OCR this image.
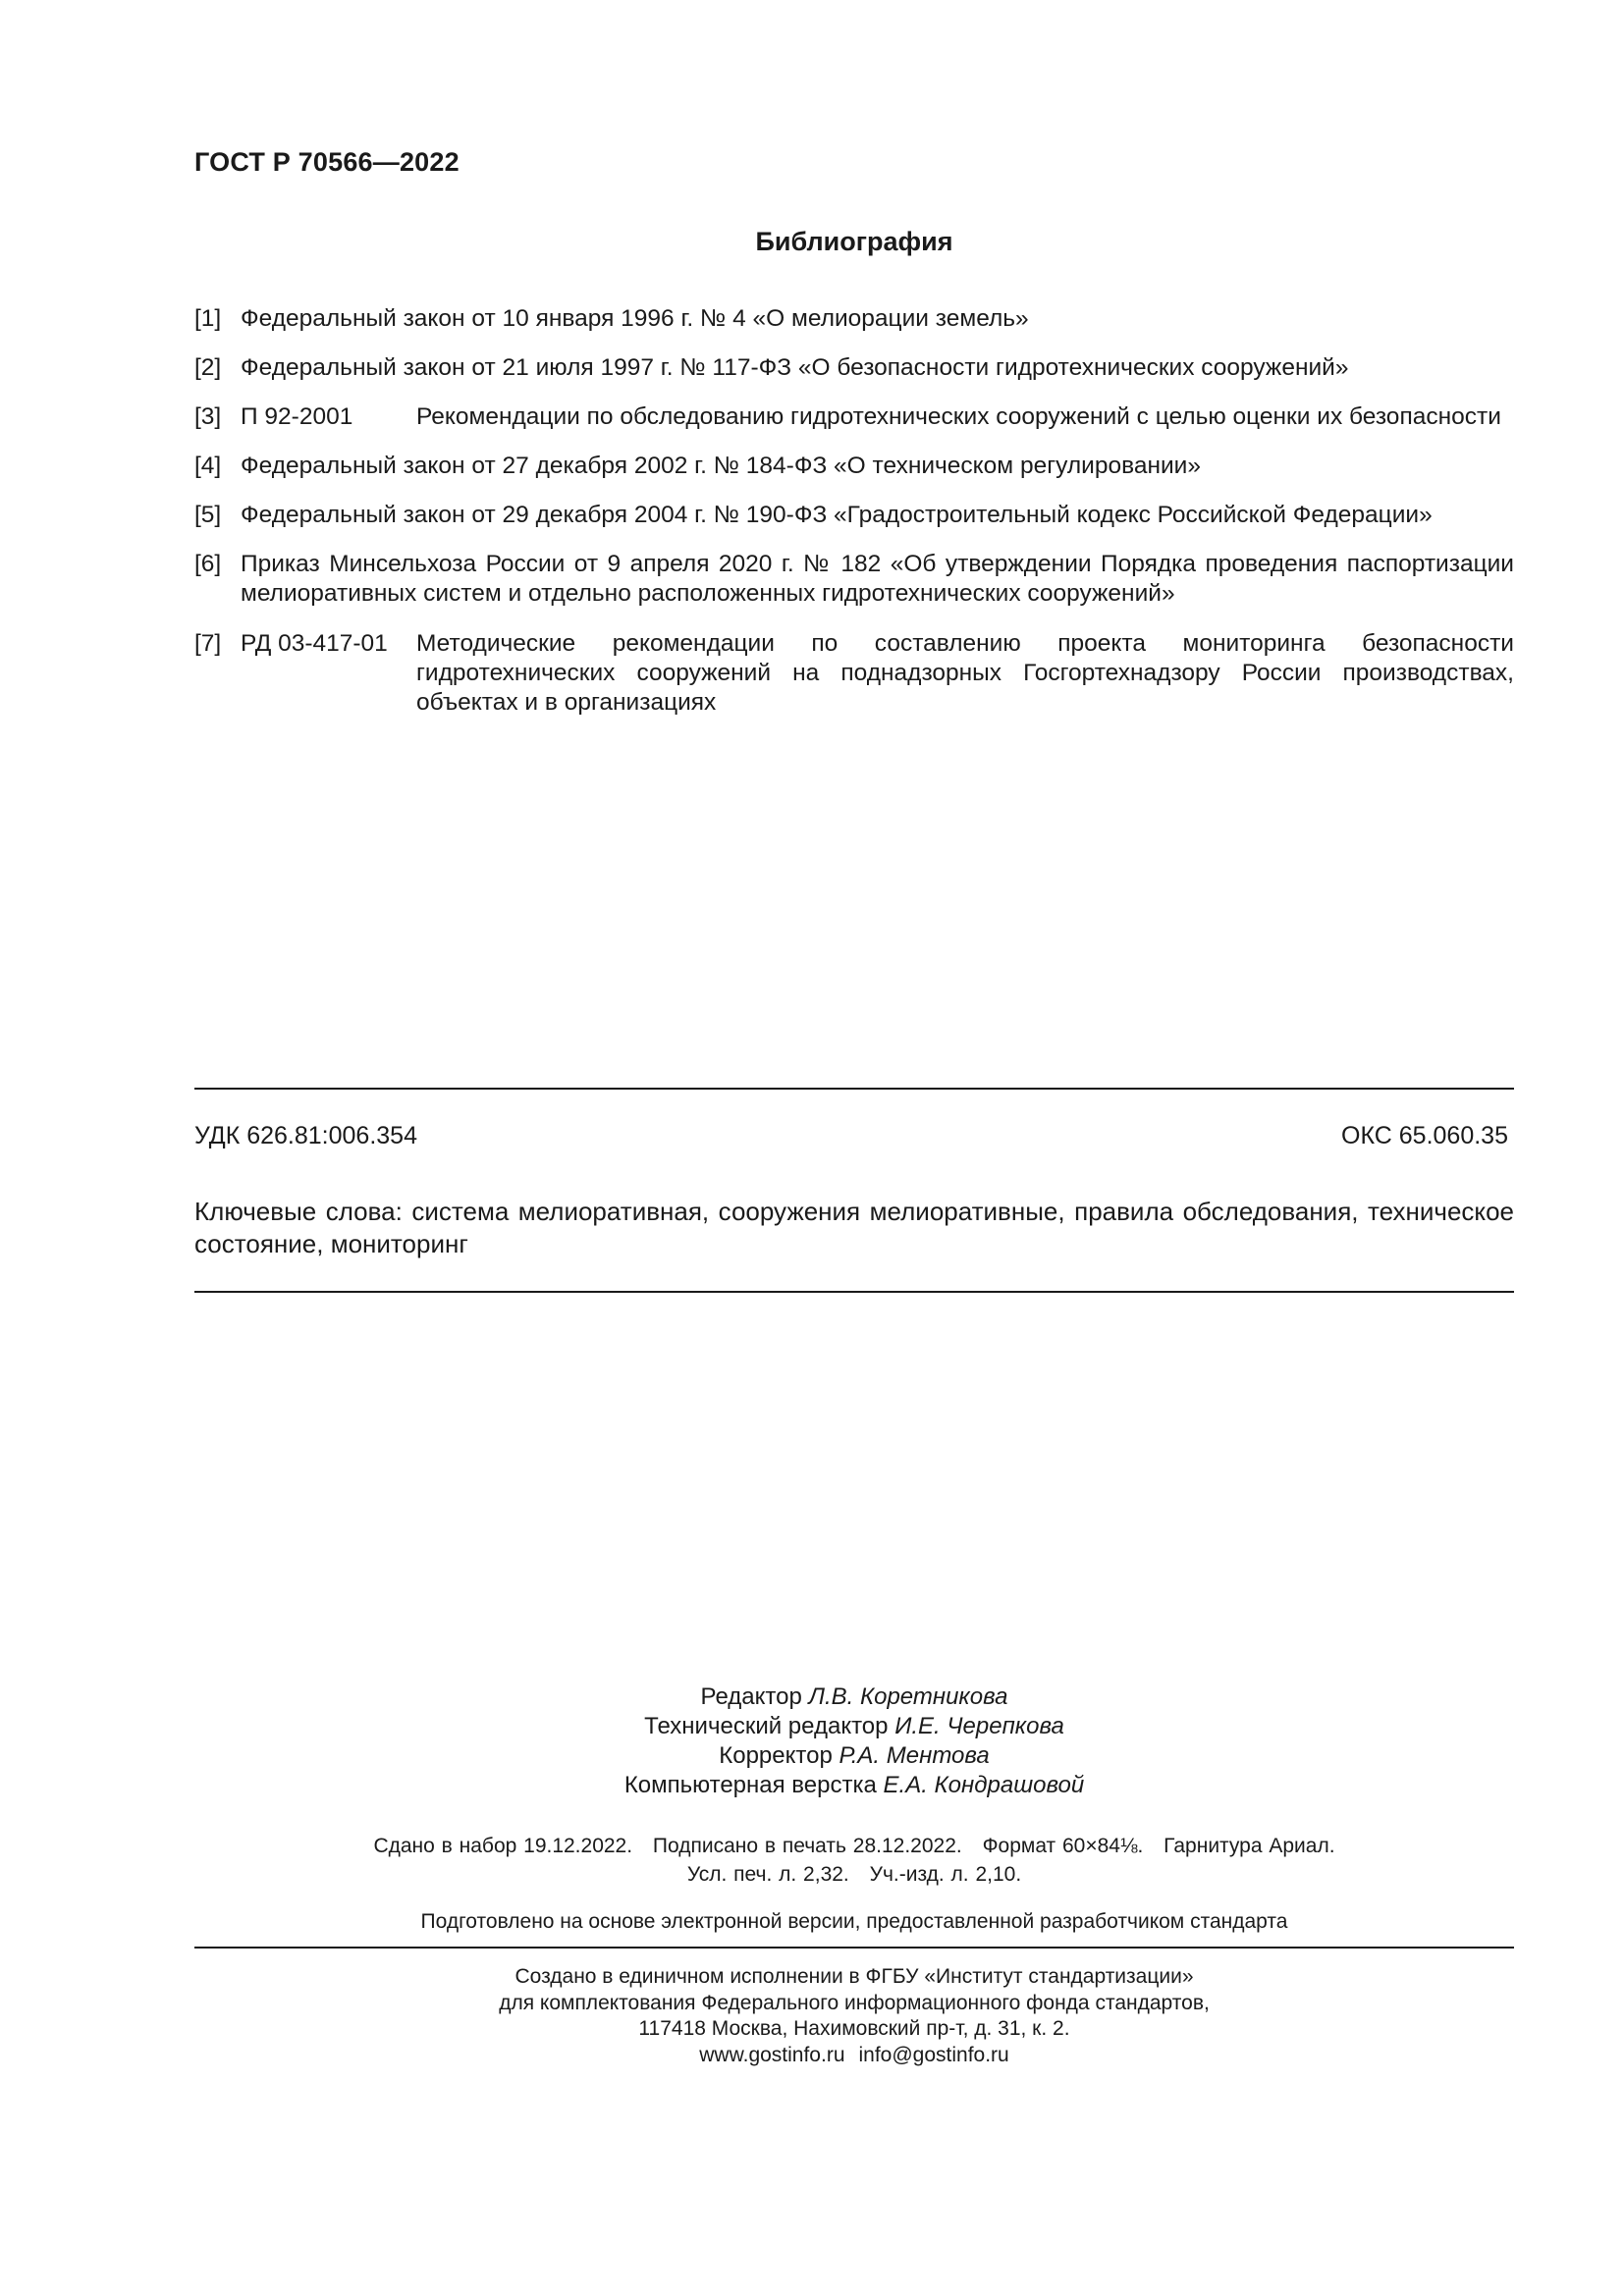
ГОСТ Р 70566—2022
Библиография
[1] Федеральный закон от 10 января 1996 г. № 4 «О мелиорации земель»
[2] Федеральный закон от 21 июля 1997 г. № 117-ФЗ «О безопасности гидротехнических сооружений»
[3] П 92-2001	Рекомендации по обследованию гидротехнических сооружений с целью оценки их безопасности
[4] Федеральный закон от 27 декабря 2002 г. № 184-ФЗ «О техническом регулировании»
[5] Федеральный закон от 29 декабря 2004 г. № 190-ФЗ «Градостроительный кодекс Российской Федерации»
[6] Приказ Минсельхоза России от 9 апреля 2020 г. № 182 «Об утверждении Порядка проведения паспортизации мелиоративных систем и отдельно расположенных гидротехнических сооружений»
[7] РД 03-417-01	Методические рекомендации по составлению проекта мониторинга безопасности гидротехнических сооружений на поднадзорных Госгортехнадзору России производствах, объектах и в организациях
УДК 626.81:006.354	ОКС 65.060.35
Ключевые слова: система мелиоративная, сооружения мелиоративные, правила обследования, техническое состояние, мониторинг
Редактор Л.В. Коретникова
Технический редактор И.Е. Черепкова
Корректор Р.А. Ментова
Компьютерная верстка Е.А. Кондрашовой
Сдано в набор 19.12.2022. Подписано в печать 28.12.2022. Формат 60×84⅛. Гарнитура Ариал.
Усл. печ. л. 2,32. Уч.-изд. л. 2,10.
Подготовлено на основе электронной версии, предоставленной разработчиком стандарта
Создано в единичном исполнении в ФГБУ «Институт стандартизации»
для комплектования Федерального информационного фонда стандартов,
117418 Москва, Нахимовский пр-т, д. 31, к. 2.
www.gostinfo.ru info@gostinfo.ru
